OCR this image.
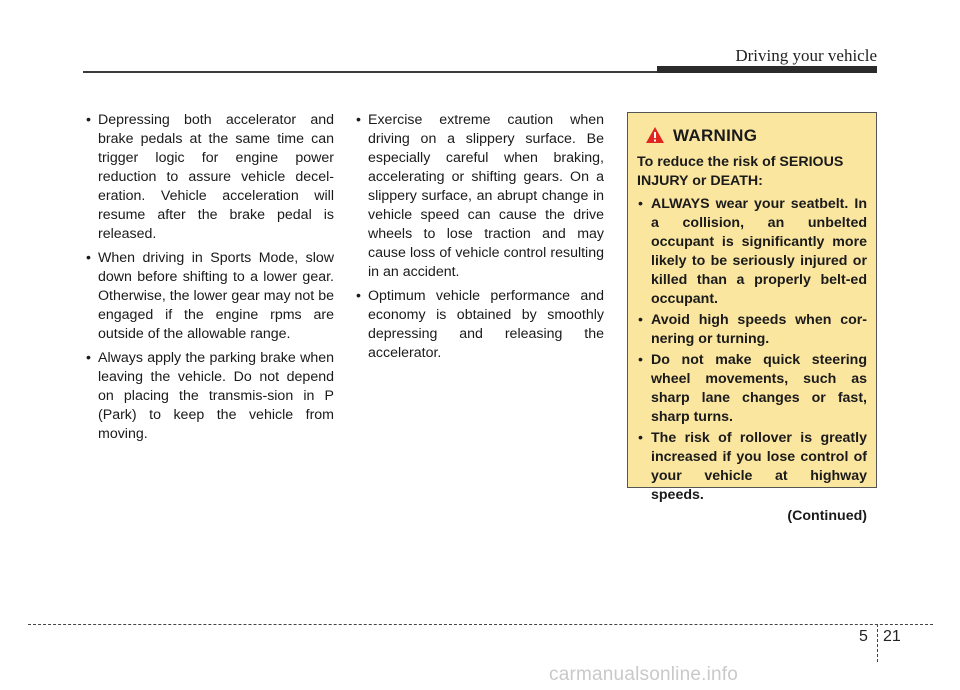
Driving your vehicle
• Depressing both accelerator and brake pedals at the same time can trigger logic for engine power reduction to assure vehicle decel-eration. Vehicle acceleration will resume after the brake pedal is released.
• When driving in Sports Mode, slow down before shifting to a lower gear. Otherwise, the lower gear may not be engaged if the engine rpms are outside of the allowable range.
• Always apply the parking brake when leaving the vehicle. Do not depend on placing the transmis-sion in P (Park) to keep the vehicle from moving.
• Exercise extreme caution when driving on a slippery surface. Be especially careful when braking, accelerating or shifting gears. On a slippery surface, an abrupt change in vehicle speed can cause the drive wheels to lose traction and may cause loss of vehicle control resulting in an accident.
• Optimum vehicle performance and economy is obtained by smoothly depressing and releasing the accelerator.
WARNING
To reduce the risk of SERIOUS INJURY or DEATH:
• ALWAYS wear your seatbelt. In a collision, an unbelted occupant is significantly more likely to be seriously injured or killed than a properly belt-ed occupant.
• Avoid high speeds when cor-nering or turning.
• Do not make quick steering wheel movements, such as sharp lane changes or fast, sharp turns.
• The risk of rollover is greatly increased if you lose control of your vehicle at highway speeds.
(Continued)
5 21
carmanualsonline.info
